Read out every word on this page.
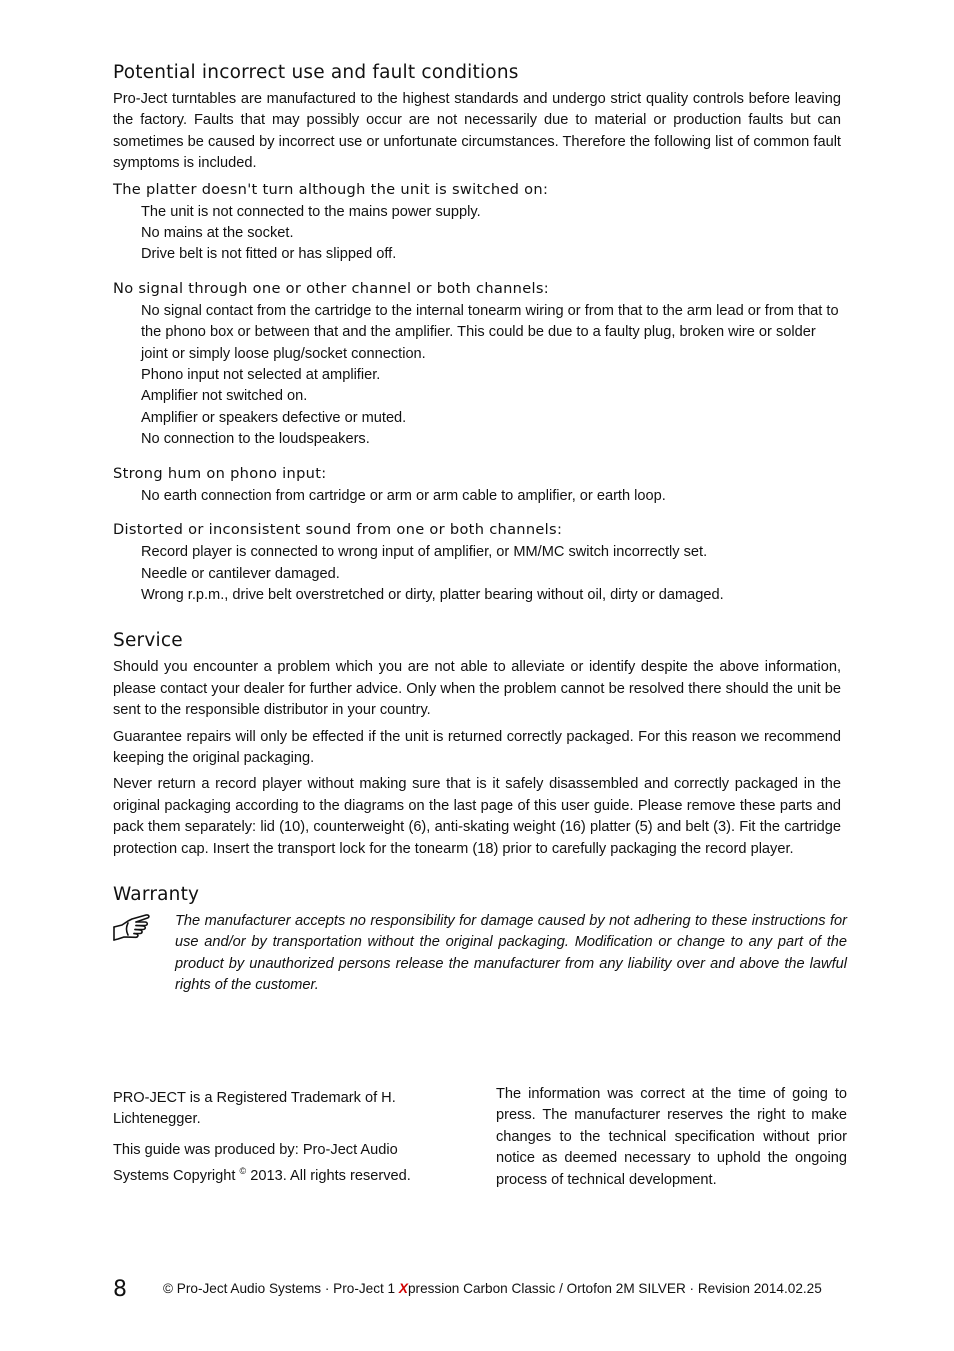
Potential incorrect use and fault conditions

Pro-Ject turntables are manufactured to the highest standards and undergo strict quality controls before leaving the factory. Faults that may possibly occur are not necessarily due to material or production faults but can sometimes be caused by incorrect use or unfortunate circumstances. Therefore the following list of common fault symptoms is included.

The platter doesn't turn although the unit is switched on:
The unit is not connected to the mains power supply.
No mains at the socket.
Drive belt is not fitted or has slipped off.
No signal through one or other channel or both channels:
No signal contact from the cartridge to the internal tonearm wiring or from that to the arm lead or from that to the phono box or between that and the amplifier. This could be due to a faulty plug, broken wire or solder joint or simply loose plug/socket connection.
Phono input not selected at amplifier.
Amplifier not switched on.
Amplifier or speakers defective or muted.
No connection to the loudspeakers.
Strong hum on phono input:
No earth connection from cartridge or arm or arm cable to amplifier, or earth loop.
Distorted or inconsistent sound from one or both channels:
Record player is connected to wrong input of amplifier, or MM/MC switch incorrectly set.
Needle or cantilever damaged.
Wrong r.p.m., drive belt overstretched or dirty, platter bearing without oil, dirty or damaged.
Service

Should you encounter a problem which you are not able to alleviate or identify despite the above information, please contact your dealer for further advice. Only when the problem cannot be resolved there should the unit be sent to the responsible distributor in your country.

Guarantee repairs will only be effected if the unit is returned correctly packaged. For this reason we recommend keeping the original packaging.

Never return a record player without making sure that is it safely disassembled and correctly packaged in the original packaging according to the diagrams on the last page of this user guide. Please remove these parts and pack them separately: lid (10), counterweight (6), anti-skating weight (16) platter (5) and belt (3). Fit the cartridge protection cap. Insert the transport lock for the tonearm (18) prior to carefully packaging the record player.

Warranty
The manufacturer accepts no responsibility for damage caused by not adhering to these instructions for use and/or by transportation without the original packaging. Modification or change to any part of the product by unauthorized persons release the manufacturer from any liability over and above the lawful rights of the customer.

PRO-JECT is a Registered Trademark of H. Lichtenegger.

This guide was produced by: Pro-Ject Audio Systems Copyright © 2013. All rights reserved.

The information was correct at the time of going to press. The manufacturer reserves the right to make changes to the technical specification without prior notice as deemed necessary to uphold the ongoing process of technical development.
8	© Pro-Ject Audio Systems · Pro-Ject 1 Xpression Carbon Classic / Ortofon 2M SILVER · Revision 2014.02.25
